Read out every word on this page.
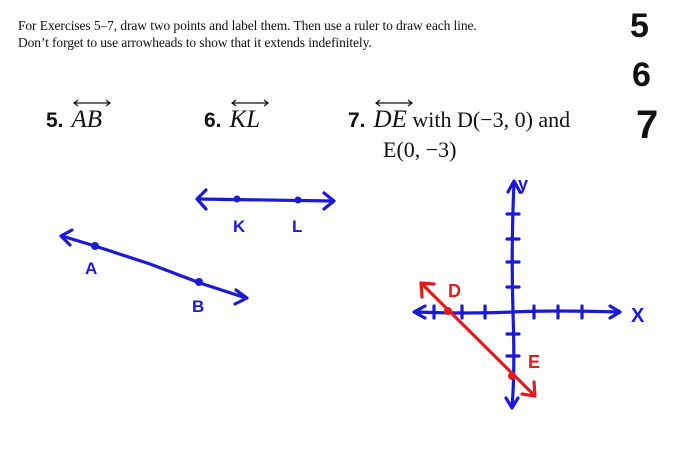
For Exercises 5–7, draw two points and label them. Then use a ruler to draw each line.
Don’t forget to use arrowheads to show that it extends indefinitely.
5. AB	6. KL	7. DE with D(−3, 0) and
E(0, −3)
5
6
7
K	L
A
B	X
y
D
E
